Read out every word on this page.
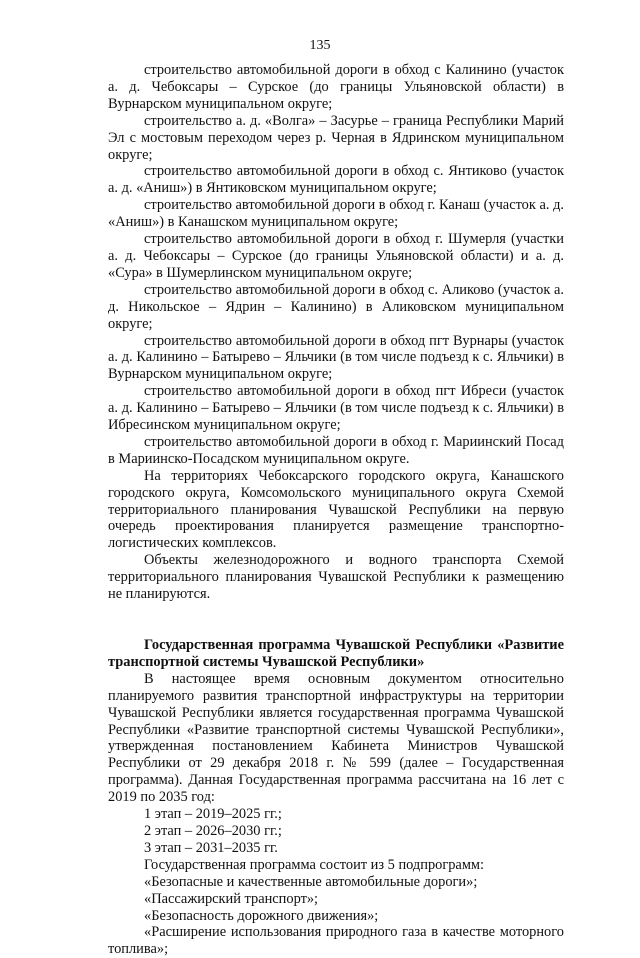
135

строительство автомобильной дороги в обход с Калинино (участок а. д. Чебоксары – Сурское (до границы Ульяновской области) в Вурнарском муниципальном округе;

строительство а. д. «Волга» – Засурье – граница Республики Марий Эл с мостовым переходом через р. Черная в Ядринском муниципальном округе;

строительство автомобильной дороги в обход с. Янтиково (участок а. д. «Аниш») в Янтиковском муниципальном округе;

строительство автомобильной дороги в обход г. Канаш (участок а. д. «Аниш») в Канашском муниципальном округе;

строительство автомобильной дороги в обход г. Шумерля (участки а. д. Чебоксары – Сурское (до границы Ульяновской области) и а. д. «Сура» в Шумерлинском муниципальном округе;

строительство автомобильной дороги в обход с. Аликово (участок а. д. Никольское – Ядрин – Калинино) в Аликовском муниципальном округе;

строительство автомобильной дороги в обход пгт Вурнары (участок а. д. Калинино – Батырево – Яльчики (в том числе подъезд к с. Яльчики) в Вурнарском муниципальном округе;

строительство автомобильной дороги в обход пгт Ибреси (участок а. д. Калинино – Батырево – Яльчики (в том числе подъезд к с. Яльчики) в Ибресинском муниципальном округе;

строительство автомобильной дороги в обход г. Мариинский Посад в Мариинско-Посадском муниципальном округе.

На территориях Чебоксарского городского округа, Канашского городского округа, Комсомольского муниципального округа Схемой территориального планирования Чувашской Республики на первую очередь проектирования планируется размещение транспортно-логистических комплексов.

Объекты железнодорожного и водного транспорта Схемой территориального планирования Чувашской Республики к размещению не планируются.

Государственная программа Чувашской Республики «Развитие транспортной системы Чувашской Республики»

В настоящее время основным документом относительно планируемого развития транспортной инфраструктуры на территории Чувашской Республики является государственная программа Чувашской Республики «Развитие транспортной системы Чувашской Республики», утвержденная постановлением Кабинета Министров Чувашской Республики от 29 декабря 2018 г. № 599 (далее – Государственная программа). Данная Государственная программа рассчитана на 16 лет с 2019 по 2035 год:

1 этап – 2019–2025 гг.;

2 этап – 2026–2030 гг.;

3 этап – 2031–2035 гг.

Государственная программа состоит из 5 подпрограмм:

«Безопасные и качественные автомобильные дороги»;

«Пассажирский транспорт»;

«Безопасность дорожного движения»;

«Расширение использования природного газа в качестве моторного топлива»;
